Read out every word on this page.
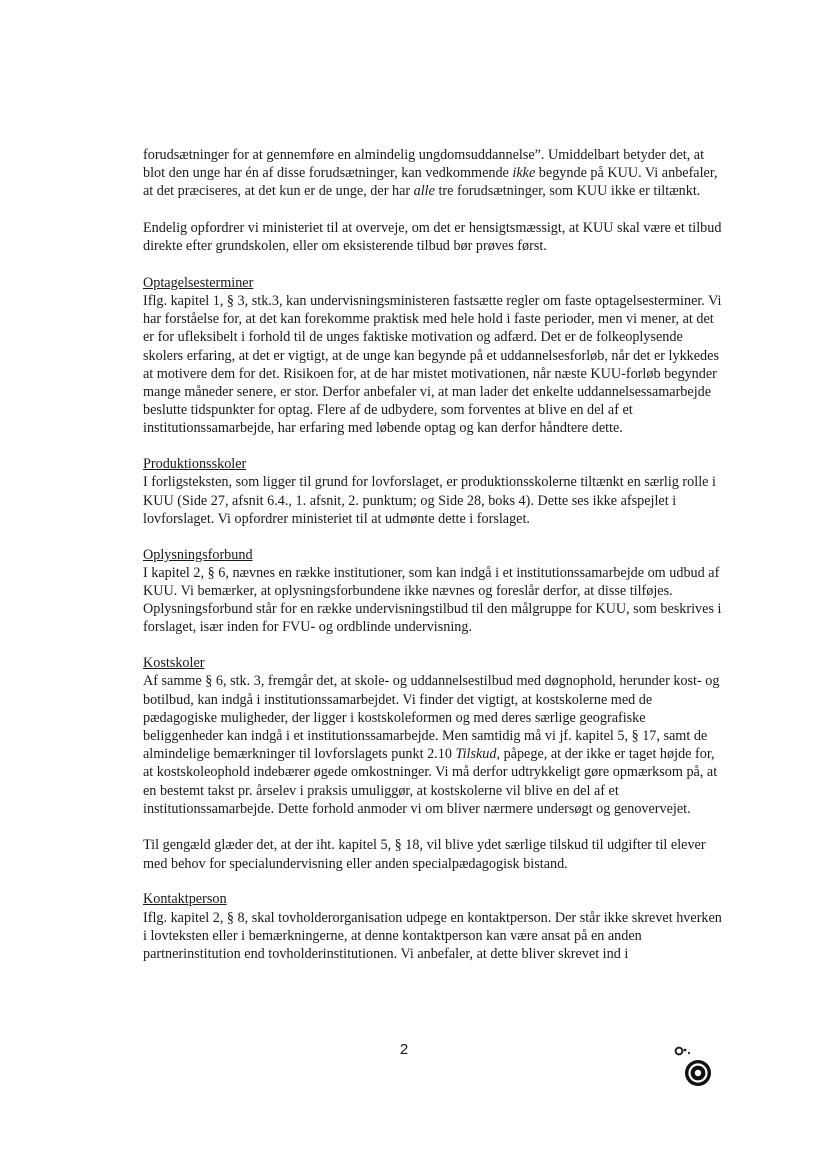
forudsætninger for at gennemføre en almindelig ungdomsuddannelse”. Umiddelbart betyder det, at blot den unge har én af disse forudsætninger, kan vedkommende ikke begynde på KUU. Vi anbefaler, at det præciseres, at det kun er de unge, der har alle tre forudsætninger, som KUU ikke er tiltænkt.

Endelig opfordrer vi ministeriet til at overveje, om det er hensigtsmæssigt, at KUU skal være et tilbud direkte efter grundskolen, eller om eksisterende tilbud bør prøves først.

Optagelsesterminer

Iflg. kapitel 1, § 3, stk.3, kan undervisningsministeren fastsætte regler om faste optagelsesterminer. Vi har forståelse for, at det kan forekomme praktisk med hele hold i faste perioder, men vi mener, at det er for ufleksibelt i forhold til de unges faktiske motivation og adfærd. Det er de folkeoplysende skolers erfaring, at det er vigtigt, at de unge kan begynde på et uddannelsesforløb, når det er lykkedes at motivere dem for det. Risikoen for, at de har mistet motivationen, når næste KUU-forløb begynder mange måneder senere, er stor. Derfor anbefaler vi, at man lader det enkelte uddannelsessamarbejde beslutte tidspunkter for optag. Flere af de udbydere, som forventes at blive en del af et institutionssamarbejde, har erfaring med løbende optag og kan derfor håndtere dette.

Produktionsskoler

I forligsteksten, som ligger til grund for lovforslaget, er produktionsskolerne tiltænkt en særlig rolle i KUU (Side 27, afsnit 6.4., 1. afsnit, 2. punktum; og Side 28, boks 4). Dette ses ikke afspejlet i lovforslaget. Vi opfordrer ministeriet til at udmønte dette i forslaget.

Oplysningsforbund

I kapitel 2, § 6, nævnes en række institutioner, som kan indgå i et institutionssamarbejde om udbud af KUU. Vi bemærker, at oplysningsforbundene ikke nævnes og foreslår derfor, at disse tilføjes. Oplysningsforbund står for en række undervisningstilbud til den målgruppe for KUU, som beskrives i forslaget, især inden for FVU- og ordblinde undervisning.

Kostskoler

Af samme § 6, stk. 3, fremgår det, at skole- og uddannelsestilbud med døgnophold, herunder kost- og botilbud, kan indgå i institutionssamarbejdet. Vi finder det vigtigt, at kostskolerne med de pædagogiske muligheder, der ligger i kostskoleformen og med deres særlige geografiske beliggenheder kan indgå i et institutionssamarbejde. Men samtidig må vi jf. kapitel 5, § 17, samt de almindelige bemærkninger til lovforslagets punkt 2.10 Tilskud, påpege, at der ikke er taget højde for, at kostskoleophold indebærer øgede omkostninger. Vi må derfor udtrykkeligt gøre opmærksom på, at en bestemt takst pr. årselev i praksis umuliggør, at kostskolerne vil blive en del af et institutionssamarbejde. Dette forhold anmoder vi om bliver nærmere undersøgt og genovervejet.

Til gengæld glæder det, at der iht. kapitel 5, § 18, vil blive ydet særlige tilskud til udgifter til elever med behov for specialundervisning eller anden specialpædagogisk bistand.

Kontaktperson

Iflg. kapitel 2, § 8, skal tovholderorganisation udpege en kontaktperson. Der står ikke skrevet hverken i lovteksten eller i bemærkningerne, at denne kontaktperson kan være ansat på en anden partnerinstitution end tovholderinstitutionen. Vi anbefaler, at dette bliver skrevet ind i

2
